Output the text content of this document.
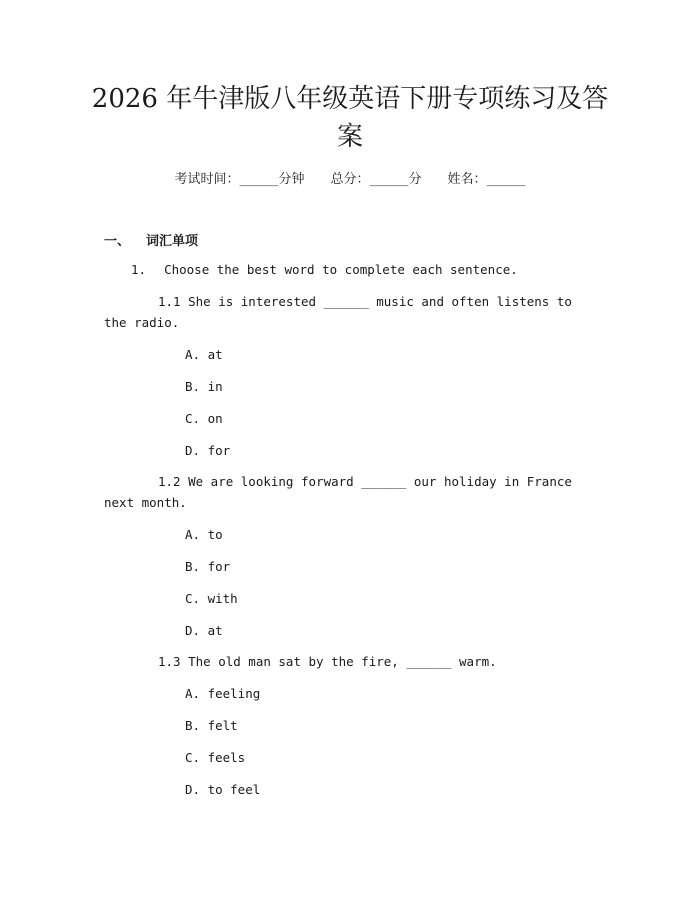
2026 年牛津版八年级英语下册专项练习及答案
考试时间：______分钟 总分：______分 姓名：______
一、 词汇单项
1. Choose the best word to complete each sentence.
1.1 She is interested ______ music and often listens to the radio.
A. at
B. in
C. on
D. for
1.2 We are looking forward ______ our holiday in France next month.
A. to
B. for
C. with
D. at
1.3 The old man sat by the fire, ______ warm.
A. feeling
B. felt
C. feels
D. to feel
